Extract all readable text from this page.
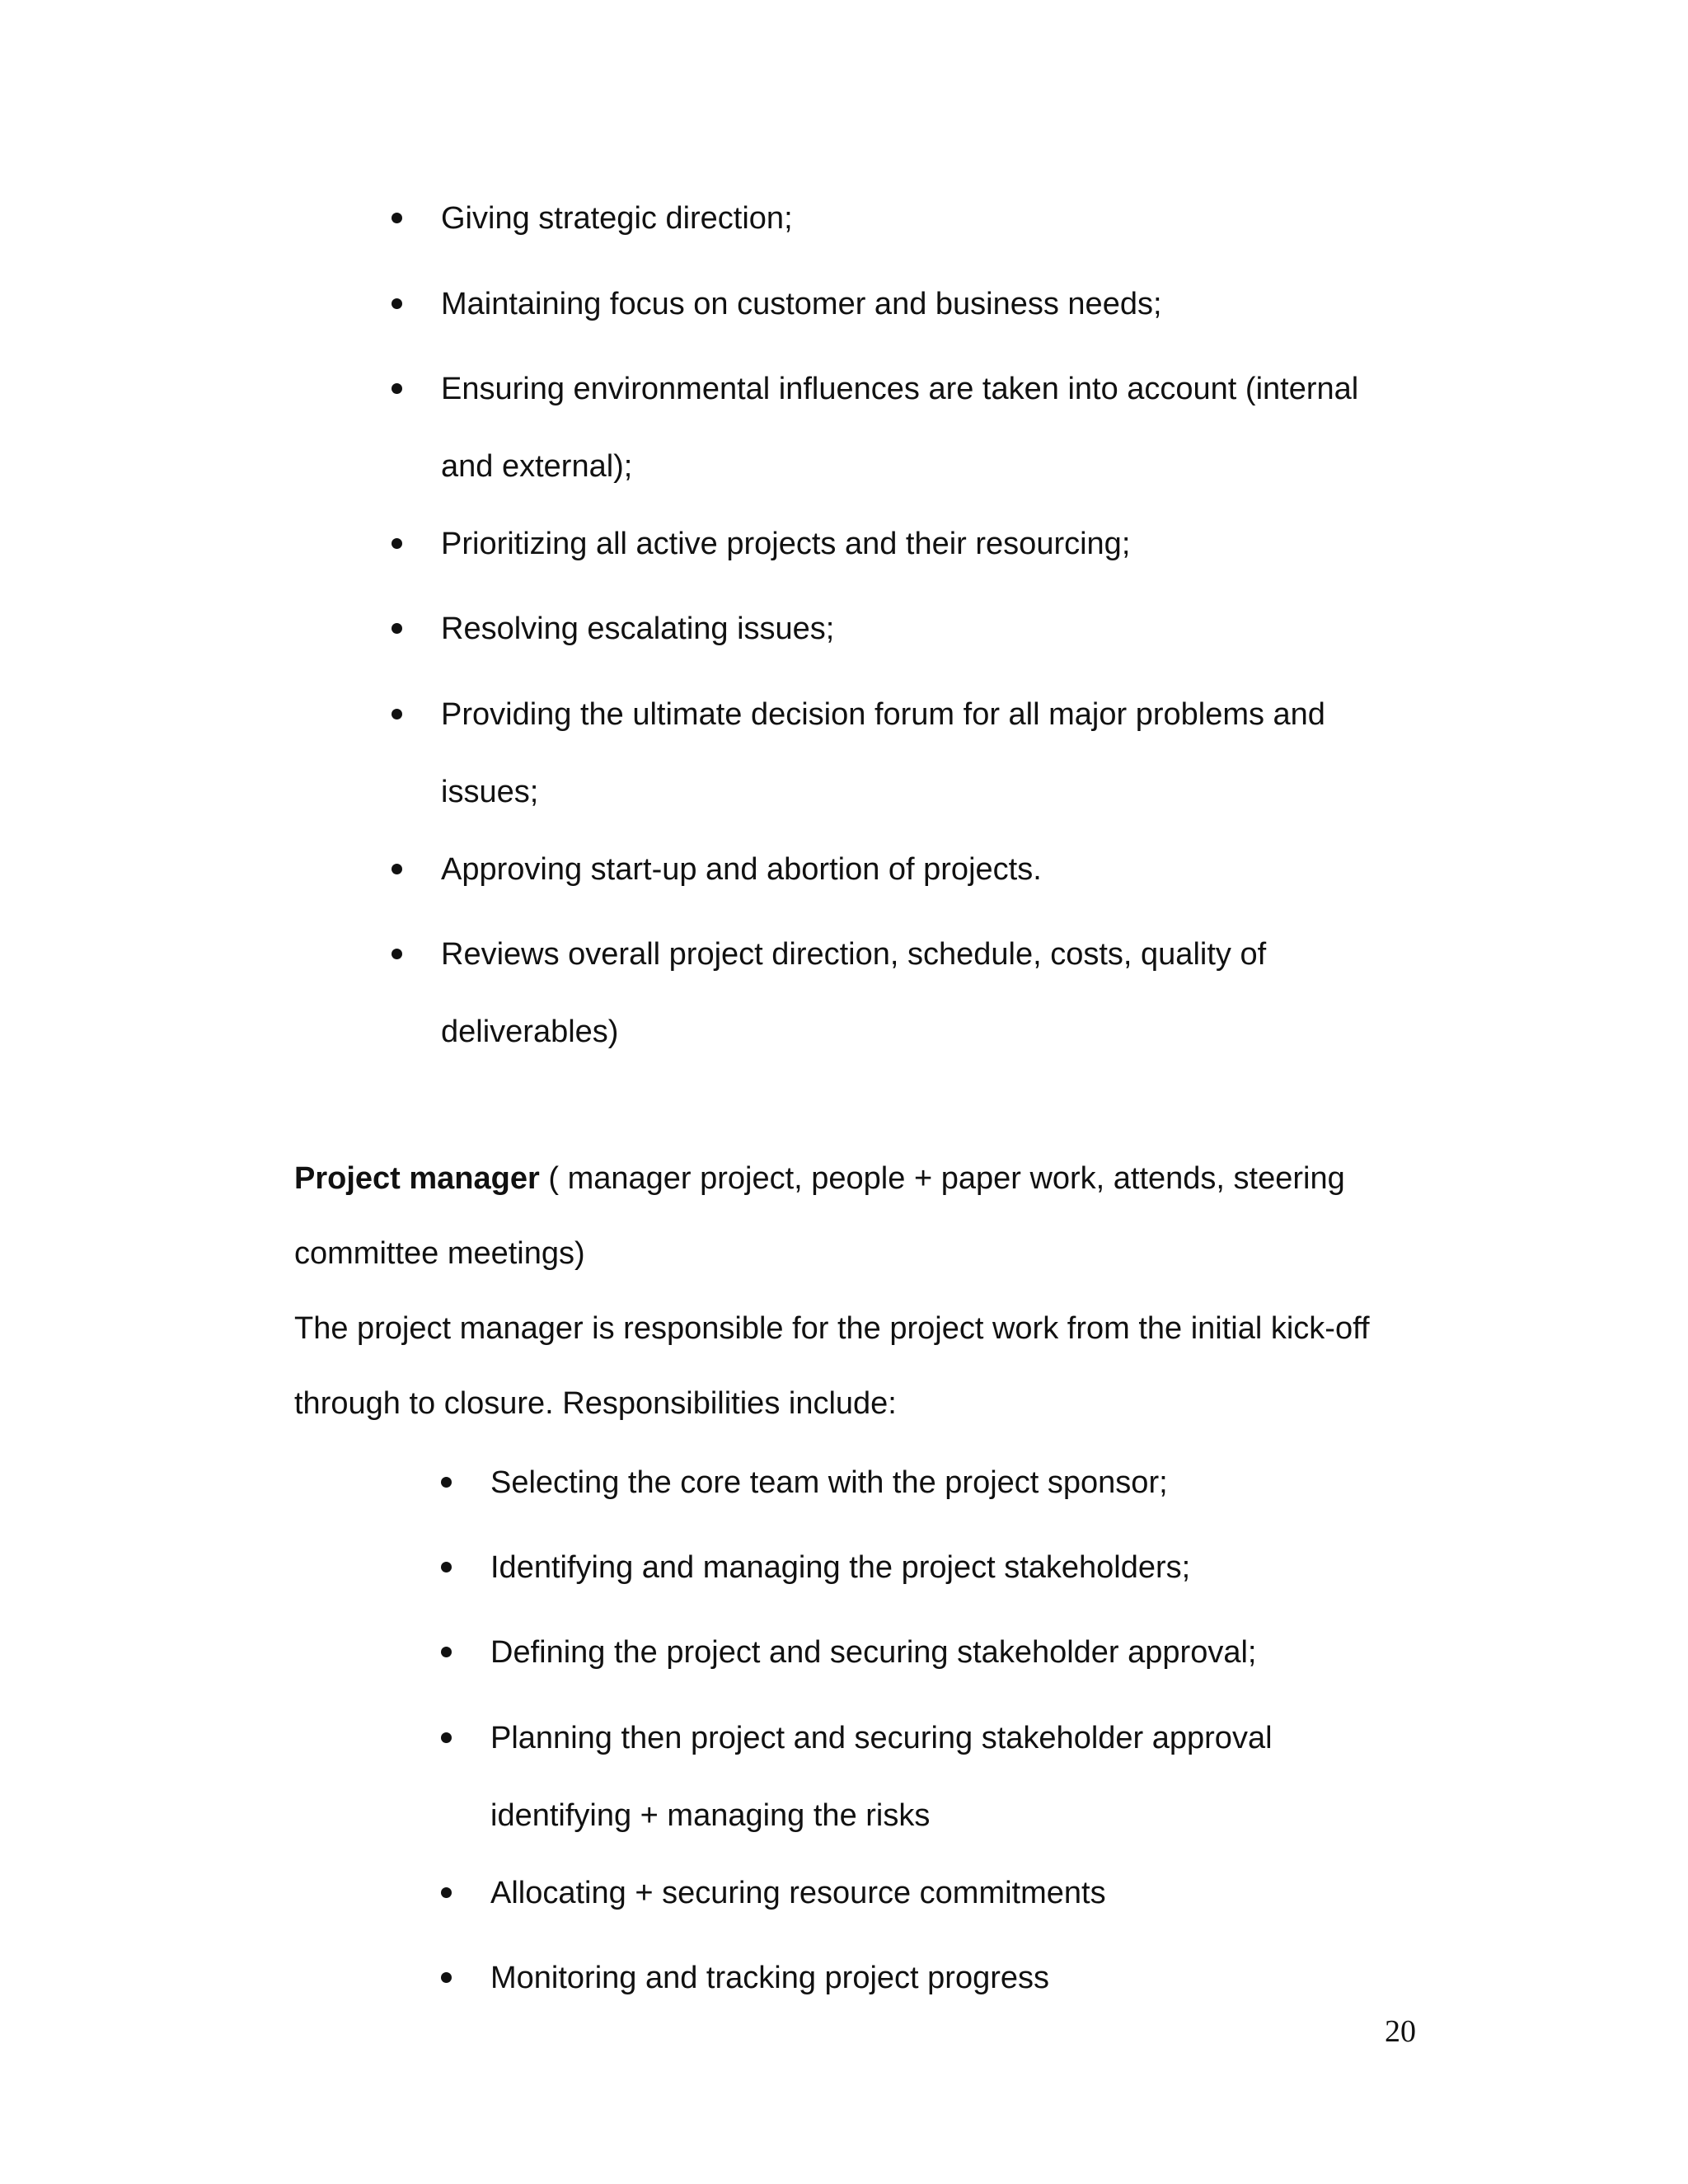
Giving strategic direction;
Maintaining focus on customer and business needs;
Ensuring environmental influences are taken into account (internal
and external);
Prioritizing all active projects and their resourcing;
Resolving escalating issues;
Providing the ultimate decision forum for all major problems and
issues;
Approving start-up and abortion of projects.
Reviews overall project direction, schedule, costs, quality of
deliverables)
Project manager ( manager project, people + paper work, attends, steering
committee meetings)
The project manager is responsible for the project work from the initial kick-off
through to closure. Responsibilities include:
Selecting the core team with the project sponsor;
Identifying and managing the project stakeholders;
Defining the project and securing stakeholder approval;
Planning then project and securing stakeholder approval
identifying + managing the risks
Allocating + securing resource commitments
Monitoring and tracking project progress
20
